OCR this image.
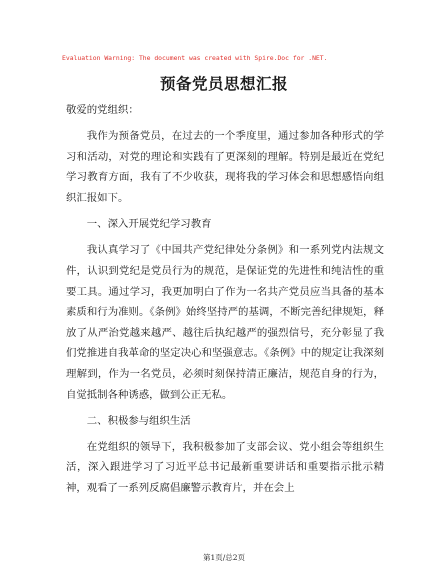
Evaluation Warning: The document was created with Spire.Doc for .NET.
预备党员思想汇报

敬爱的党组织：

我作为预备党员，在过去的一个季度里，通过参加各种形式的学习和活动，对党的理论和实践有了更深刻的理解。特别是最近在党纪学习教育方面，我有了不少收获，现将我的学习体会和思想感悟向组织汇报如下。

一、深入开展党纪学习教育

我认真学习了《中国共产党纪律处分条例》和一系列党内法规文件，认识到党纪是党员行为的规范，是保证党的先进性和纯洁性的重要工具。通过学习，我更加明白了作为一名共产党员应当具备的基本素质和行为准则。《条例》始终坚持严的基调，不断完善纪律规矩，释放了从严治党越来越严、越往后执纪越严的强烈信号，充分彰显了我们党推进自我革命的坚定决心和坚强意志。《条例》中的规定让我深刻理解到，作为一名党员，必须时刻保持清正廉洁，规范自身的行为，自觉抵制各种诱惑，做到公正无私。

二、积极参与组织生活

在党组织的领导下，我积极参加了支部会议、党小组会等组织生活，深入跟进学习了习近平总书记最新重要讲话和重要指示批示精神，观看了一系列反腐倡廉警示教育片，并在会上

第1页/总2页
